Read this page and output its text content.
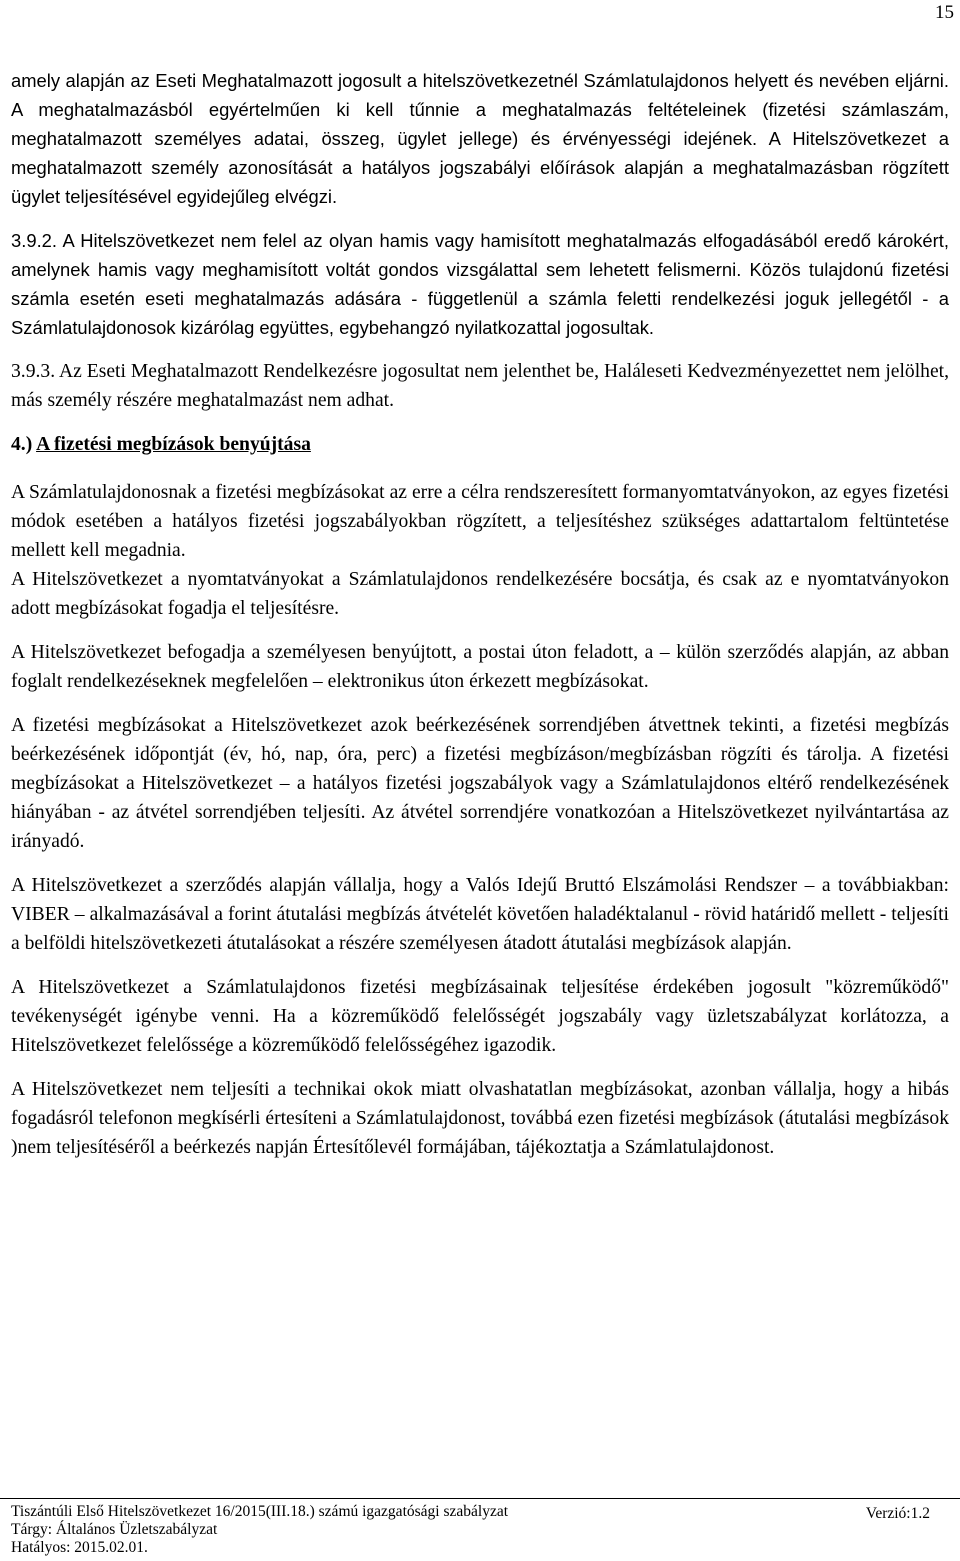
15

amely alapján az Eseti Meghatalmazott jogosult a hitelszövetkezetnél Számlatulajdonos helyett és nevében eljárni. A meghatalmazásból egyértelműen ki kell tűnnie a meghatalmazás feltételeinek (fizetési számlaszám, meghatalmazott személyes adatai, összeg, ügylet jellege) és érvényességi idejének. A Hitelszövetkezet a meghatalmazott személy azonosítását a hatályos jogszabályi előírások alapján a meghatalmazásban rögzített ügylet teljesítésével egyidejűleg elvégzi.

3.9.2. A Hitelszövetkezet nem felel az olyan hamis vagy hamisított meghatalmazás elfogadásából eredő károkért, amelynek hamis vagy meghamisított voltát gondos vizsgálattal sem lehetett felismerni. Közös tulajdonú fizetési számla esetén eseti meghatalmazás adására - függetlenül a számla feletti rendelkezési joguk jellegétől - a Számlatulajdonosok kizárólag együttes, egybehangzó nyilatkozattal jogosultak.

3.9.3. Az Eseti Meghatalmazott Rendelkezésre jogosultat nem jelenthet be, Haláleseti Kedvezményezettet nem jelölhet, más személy részére meghatalmazást nem adhat.

4.) A fizetési megbízások benyújtása

A Számlatulajdonosnak a fizetési megbízásokat az erre a célra rendszeresített formanyomtatványokon, az egyes fizetési módok esetében a hatályos fizetési jogszabályokban rögzített, a teljesítéshez szükséges adattartalom feltüntetése mellett kell megadnia.

A Hitelszövetkezet a nyomtatványokat a Számlatulajdonos rendelkezésére bocsátja, és csak az e nyomtatványokon adott megbízásokat fogadja el teljesítésre.

A Hitelszövetkezet befogadja a személyesen benyújtott, a postai úton feladott, a – külön szerződés alapján, az abban foglalt rendelkezéseknek megfelelően – elektronikus úton érkezett megbízásokat.

A fizetési megbízásokat a Hitelszövetkezet azok beérkezésének sorrendjében átvettnek tekinti, a fizetési megbízás beérkezésének időpontját (év, hó, nap, óra, perc) a fizetési megbízáson/megbízásban rögzíti és tárolja. A fizetési megbízásokat a Hitelszövetkezet – a hatályos fizetési jogszabályok vagy a Számlatulajdonos eltérő rendelkezésének hiányában - az átvétel sorrendjében teljesíti. Az átvétel sorrendjére vonatkozóan a Hitelszövetkezet nyilvántartása az irányadó.

A Hitelszövetkezet a szerződés alapján vállalja, hogy a Valós Idejű Bruttó Elszámolási Rendszer – a továbbiakban: VIBER – alkalmazásával a forint átutalási megbízás átvételét követően haladéktalanul - rövid határidő mellett - teljesíti a belföldi hitelszövetkezeti átutalásokat a részére személyesen átadott átutalási megbízások alapján.

A Hitelszövetkezet a Számlatulajdonos fizetési megbízásainak teljesítése érdekében jogosult "közreműködő" tevékenységét igénybe venni. Ha a közreműködő felelősségét jogszabály vagy üzletszabályzat korlátozza, a Hitelszövetkezet felelőssége a közreműködő felelősségéhez igazodik.

A Hitelszövetkezet nem teljesíti a technikai okok miatt olvashatatlan megbízásokat, azonban vállalja, hogy a hibás fogadásról telefonon megkísérli értesíteni a Számlatulajdonost, továbbá ezen fizetési megbízások (átutalási megbízások )nem teljesítéséről a beérkezés napján Értesítőlevél formájában, tájékoztatja a Számlatulajdonost.

Tiszántúli Első Hitelszövetkezet 16/2015(III.18.) számú igazgatósági szabályzat	Verzió:1.2
Tárgy: Általános Üzletszabályzat
Hatályos: 2015.02.01.
